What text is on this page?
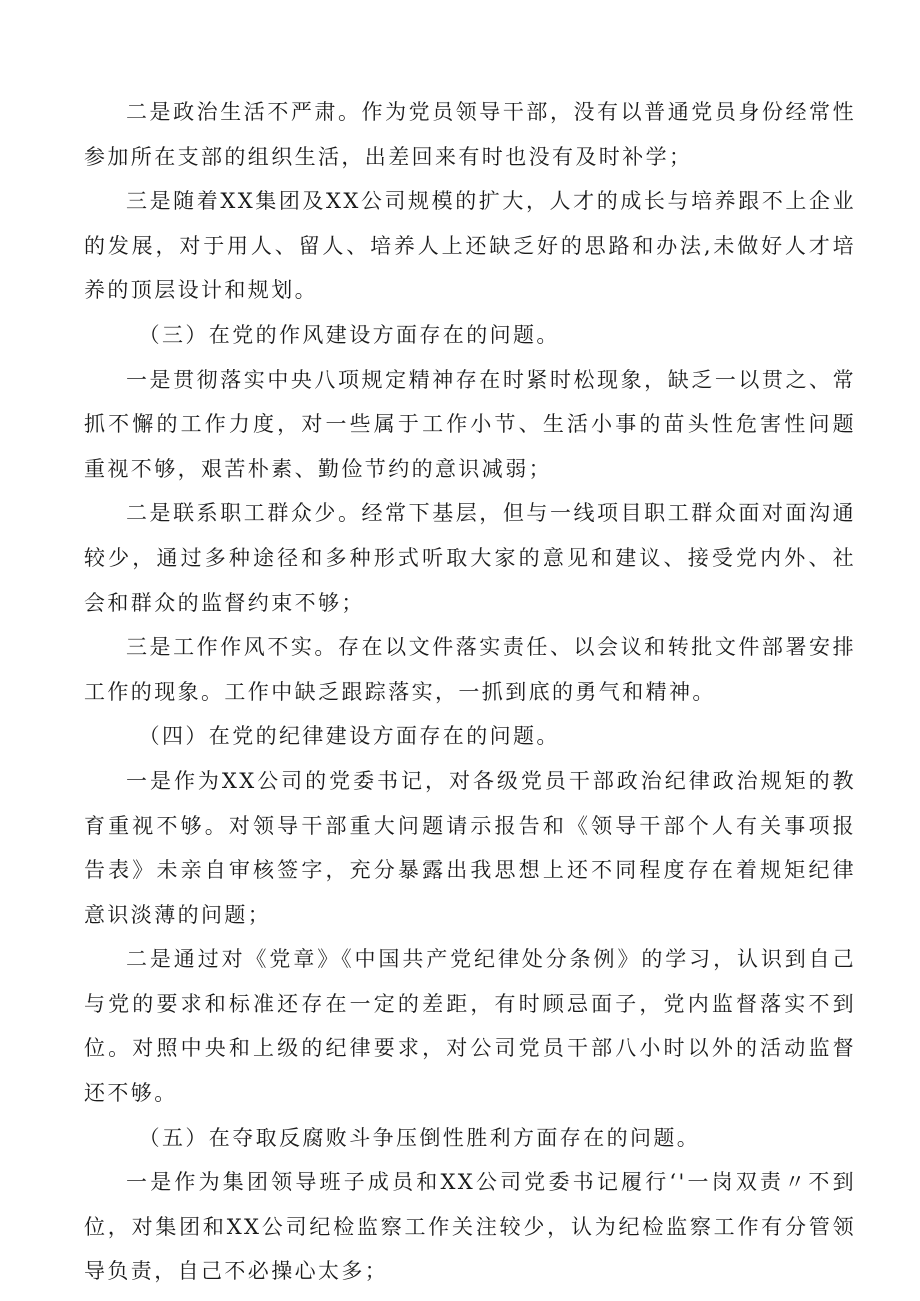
二是政治生活不严肃。作为党员领导干部，没有以普通党员身份经常性参加所在支部的组织生活，出差回来有时也没有及时补学；

三是随着XX集团及XX公司规模的扩大，人才的成长与培养跟不上企业的发展，对于用人、留人、培养人上还缺乏好的思路和办法,未做好人才培养的顶层设计和规划。

（三）在党的作风建设方面存在的问题。

一是贯彻落实中央八项规定精神存在时紧时松现象，缺乏一以贯之、常抓不懈的工作力度，对一些属于工作小节、生活小事的苗头性危害性问题重视不够，艰苦朴素、勤俭节约的意识减弱；

二是联系职工群众少。经常下基层，但与一线项目职工群众面对面沟通较少，通过多种途径和多种形式听取大家的意见和建议、接受党内外、社会和群众的监督约束不够；

三是工作作风不实。存在以文件落实责任、以会议和转批文件部署安排工作的现象。工作中缺乏跟踪落实，一抓到底的勇气和精神。

（四）在党的纪律建设方面存在的问题。

一是作为XX公司的党委书记，对各级党员干部政治纪律政治规矩的教育重视不够。对领导干部重大问题请示报告和《领导干部个人有关事项报告表》未亲自审核签字，充分暴露出我思想上还不同程度存在着规矩纪律意识淡薄的问题；

二是通过对《党章》《中国共产党纪律处分条例》的学习，认识到自己与党的要求和标准还存在一定的差距，有时顾忌面子，党内监督落实不到位。对照中央和上级的纪律要求，对公司党员干部八小时以外的活动监督还不够。

（五）在夺取反腐败斗争压倒性胜利方面存在的问题。

一是作为集团领导班子成员和XX公司党委书记履行‘'一岗双责〃不到位，对集团和XX公司纪检监察工作关注较少，认为纪检监察工作有分管领导负责，自己不必操心太多；
